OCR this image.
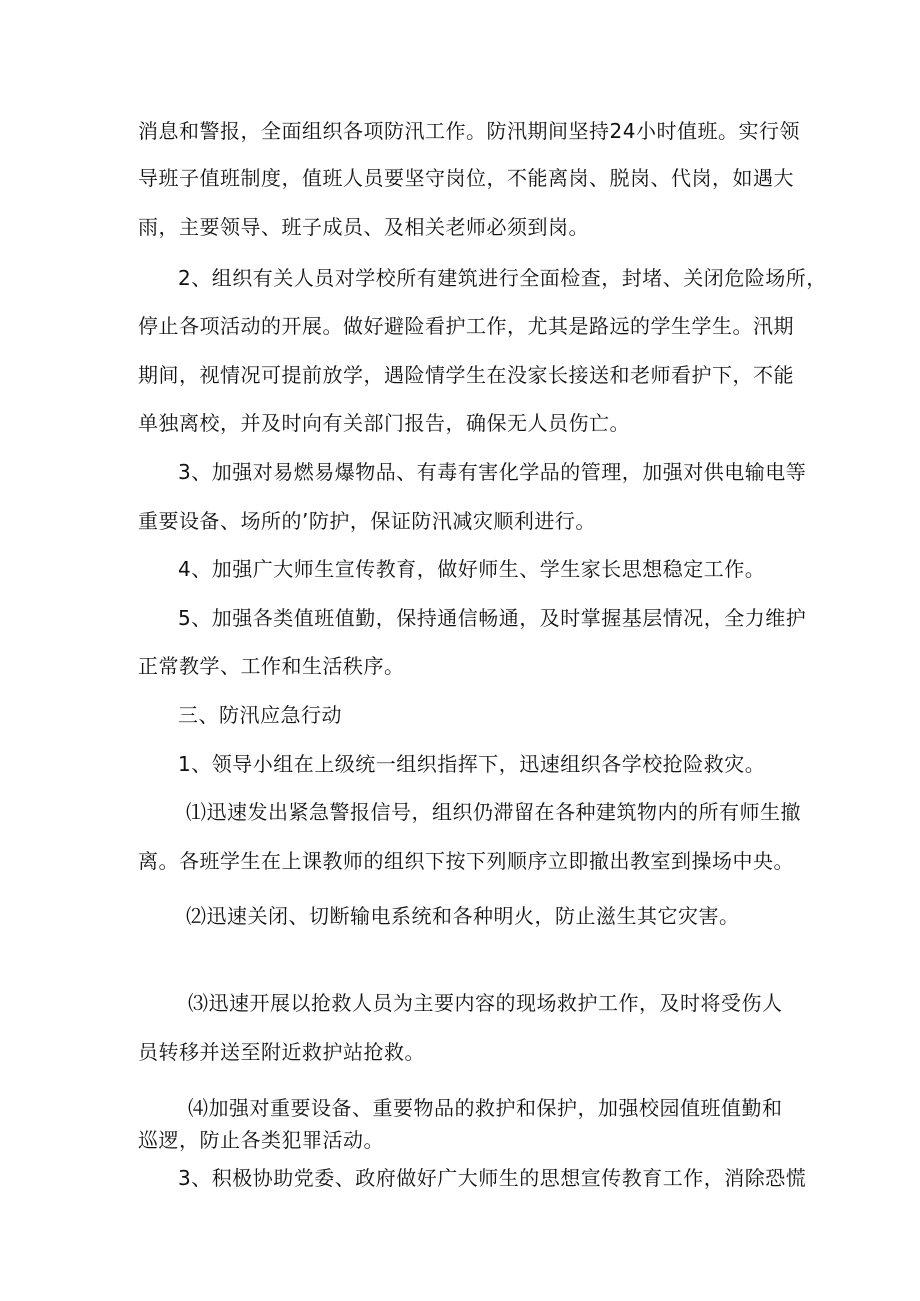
消息和警报，全面组织各项防汛工作。防汛期间坚持24小时值班。实行领
导班子值班制度，值班人员要坚守岗位，不能离岗、脱岗、代岗，如遇大
雨，主要领导、班子成员、及相关老师必须到岗。
2、组织有关人员对学校所有建筑进行全面检查，封堵、关闭危险场所，
停止各项活动的开展。做好避险看护工作，尤其是路远的学生学生。汛期
期间，视情况可提前放学，遇险情学生在没家长接送和老师看护下，不能
单独离校，并及时向有关部门报告，确保无人员伤亡。
3、加强对易燃易爆物品、有毒有害化学品的管理，加强对供电输电等
重要设备、场所的’防护，保证防汛减灾顺利进行。
4、加强广大师生宣传教育，做好师生、学生家长思想稳定工作。
5、加强各类值班值勤，保持通信畅通，及时掌握基层情况，全力维护
正常教学、工作和生活秩序。
三、防汛应急行动
1、领导小组在上级统一组织指挥下，迅速组织各学校抢险救灾。
⑴迅速发出紧急警报信号，组织仍滞留在各种建筑物内的所有师生撤
离。各班学生在上课教师的组织下按下列顺序立即撤出教室到操场中央。
⑵迅速关闭、切断输电系统和各种明火，防止滋生其它灾害。
⑶迅速开展以抢救人员为主要内容的现场救护工作，及时将受伤人
员转移并送至附近救护站抢救。
⑷加强对重要设备、重要物品的救护和保护，加强校园值班值勤和
巡逻，防止各类犯罪活动。
3、积极协助党委、政府做好广大师生的思想宣传教育工作，消除恐慌
